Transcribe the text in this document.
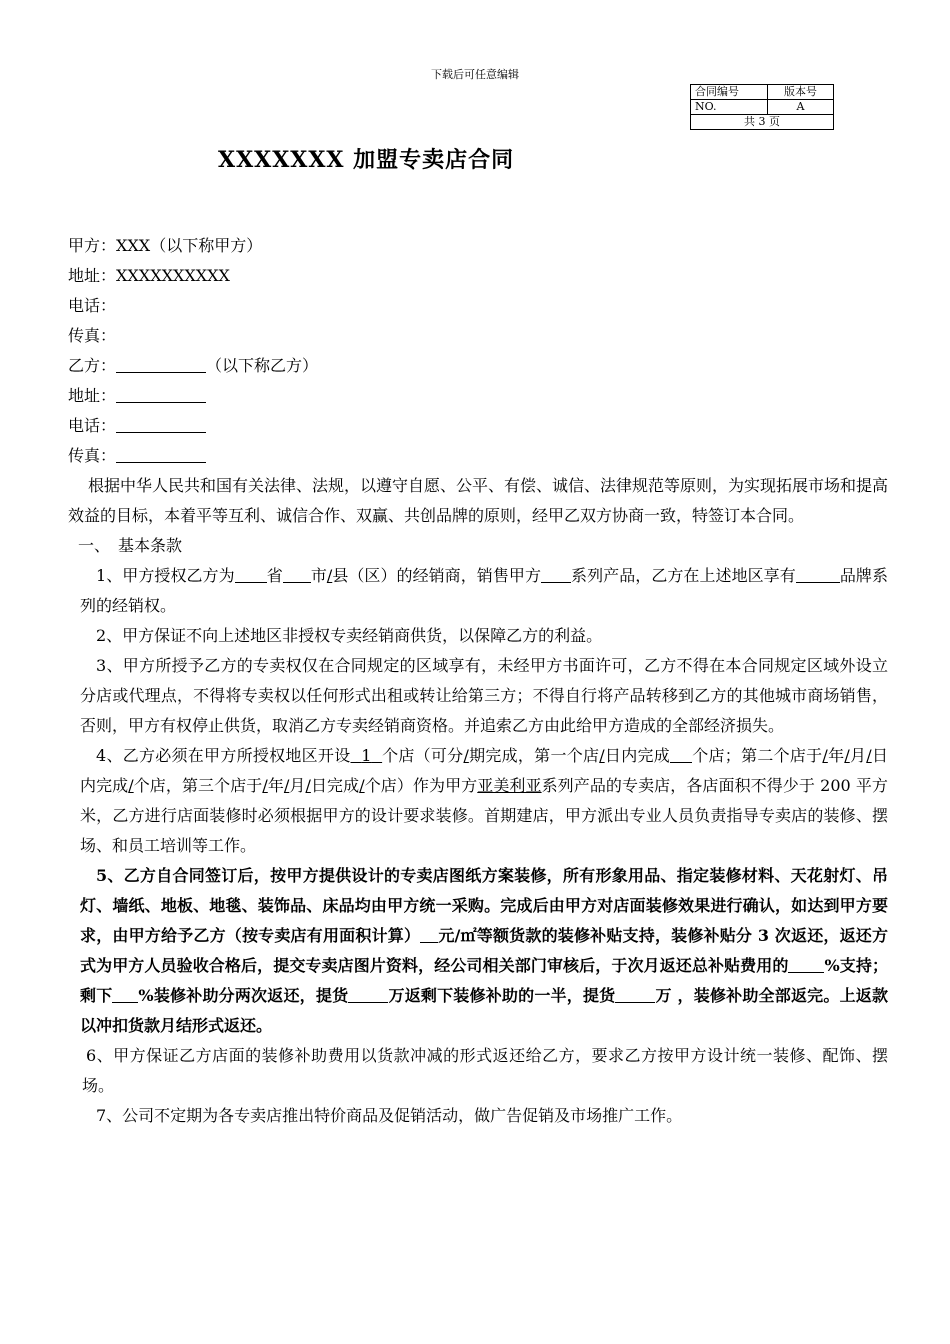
下载后可任意编辑
合同编号	版本号
NO.	A
共 3 页	
XXXXXXX 加盟专卖店合同
甲方：XXX（以下称甲方）
地址：XXXXXXXXXX
电话：
传真：
乙方：	（以下称乙方）
地址：
电话：
传真：

根据中华人民共和国有关法律、法规，以遵守自愿、公平、有偿、诚信、法律规范等原则，为实现拓展市场和提高效益的目标，本着平等互利、诚信合作、双赢、共创品牌的原则，经甲乙双方协商一致，特签订本合同。

一、　基本条款

1、甲方授权乙方为 省 市/县（区）的经销商，销售甲方 系列产品，乙方在上述地区享有	品牌系列的经销权。

2、甲方保证不向上述地区非授权专卖经销商供货，以保障乙方的利益。

3、甲方所授予乙方的专卖权仅在合同规定的区域享有，未经甲方书面许可，乙方不得在本合同规定区域外设立分店或代理点，不得将专卖权以任何形式出租或转让给第三方；不得自行将产品转移到乙方的其他城市商场销售，否则，甲方有权停止供货，取消乙方专卖经销商资格。并追索乙方由此给甲方造成的全部经济损失。

4、乙方必须在甲方所授权地区开设 1 个店（可分/期完成，第一个店/日内完成 个店；第二个店于/年/月/日内完成/个店，第三个店于/年/月/日完成/个店）作为甲方亚美利亚系列产品的专卖店，各店面积不得少于 200 平方米，乙方进行店面装修时必须根据甲方的设计要求装修。首期建店，甲方派出专业人员负责指导专卖店的装修、摆场、和员工培训等工作。

5、乙方自合同签订后，按甲方提供设计的专卖店图纸方案装修，所有形象用品、指定装修材料、天花射灯、吊灯、墙纸、地板、地毯、装饰品、床品均由甲方统一采购。完成后由甲方对店面装修效果进行确认，如达到甲方要求，由甲方给予乙方（按专卖店有用面积计算） 元/㎡等额货款的装修补贴支持，装修补贴分 3 次返还，返还方式为甲方人员验收合格后，提交专卖店图片资料，经公司相关部门审核后，于次月返还总补贴费用的 %支持；剩下 %装修补助分两次返还，提货	万返剩下装修补助的一半，提货	万 ，装修补助全部返完。上返款以冲扣货款月结形式返还。

6、甲方保证乙方店面的装修补助费用以货款冲减的形式返还给乙方，要求乙方按甲方设计统一装修、配饰、摆场。

7、公司不定期为各专卖店推出特价商品及促销活动，做广告促销及市场推广工作。
